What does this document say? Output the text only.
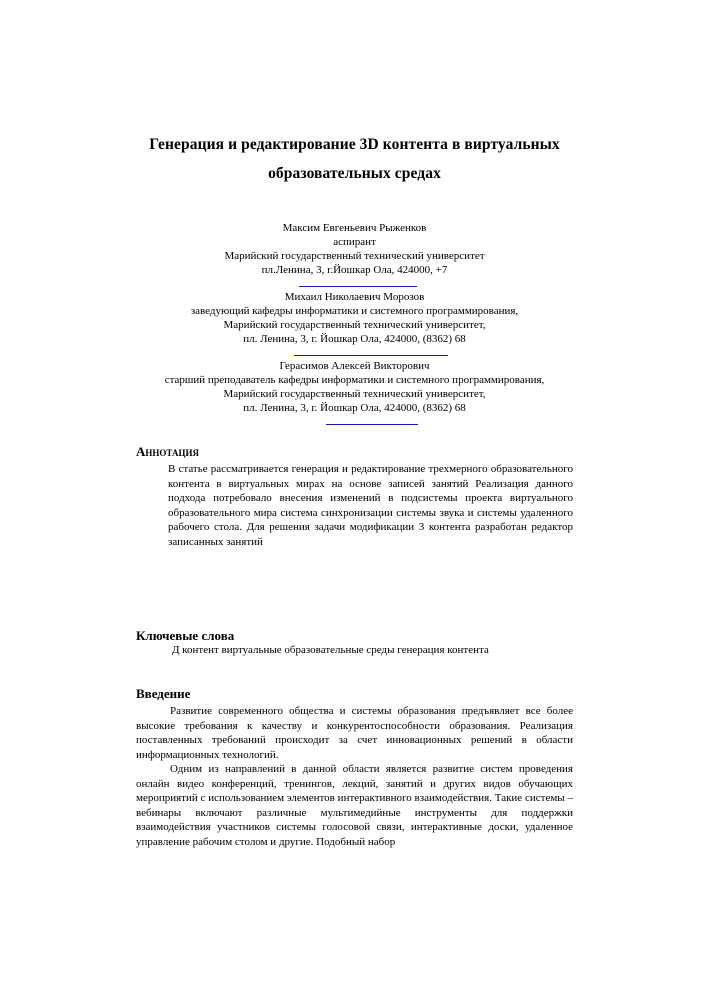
Генерация и редактирование 3D контента в виртуальных
образовательных средах
Максим Евгеньевич Рыженков
аспирант
Марийский государственный технический университет
пл.Ленина, 3, г.Йошкар Ола, 424000, +7
Михаил Николаевич Морозов
заведующий кафедры информатики и системного программирования,
Марийский государственный технический университет,
пл. Ленина, 3, г. Йошкар Ола, 424000, (8362) 68
Герасимов Алексей Викторович
старший преподаватель кафедры информатики и системного программирования,
Марийский государственный технический университет,
пл. Ленина, 3, г. Йошкар Ола, 424000, (8362) 68
Аннотация
В статье рассматривается генерация и редактирование трехмерного образовательного контента в виртуальных мирах на основе записей занятий Реализация данного подхода потребовало внесения изменений в подсистемы проекта виртуального образовательного мира система синхронизации системы звука и системы удаленного рабочего стола. Для решения задачи модификации 3 контента разработан редактор записанных занятий
Ключевые слова
Д контент виртуальные образовательные среды генерация контента
Введение
Развитие современного общества и системы образования предъявляет все более высокие требования к качеству и конкурентоспособности образования. Реализация поставленных требований происходит за счет инновационных решений в области информационных технологий.
Одним из направлений в данной области является развитие систем проведения онлайн видео конференций, тренингов, лекций, занятий и других видов обучающих мероприятий с использованием элементов интерактивного взаимодействия. Такие системы – вебинары включают различные мультимедийные инструменты для поддержки взаимодействия участников системы голосовой связи, интерактивные доски, удаленное управление рабочим столом и другие. Подобный набор
